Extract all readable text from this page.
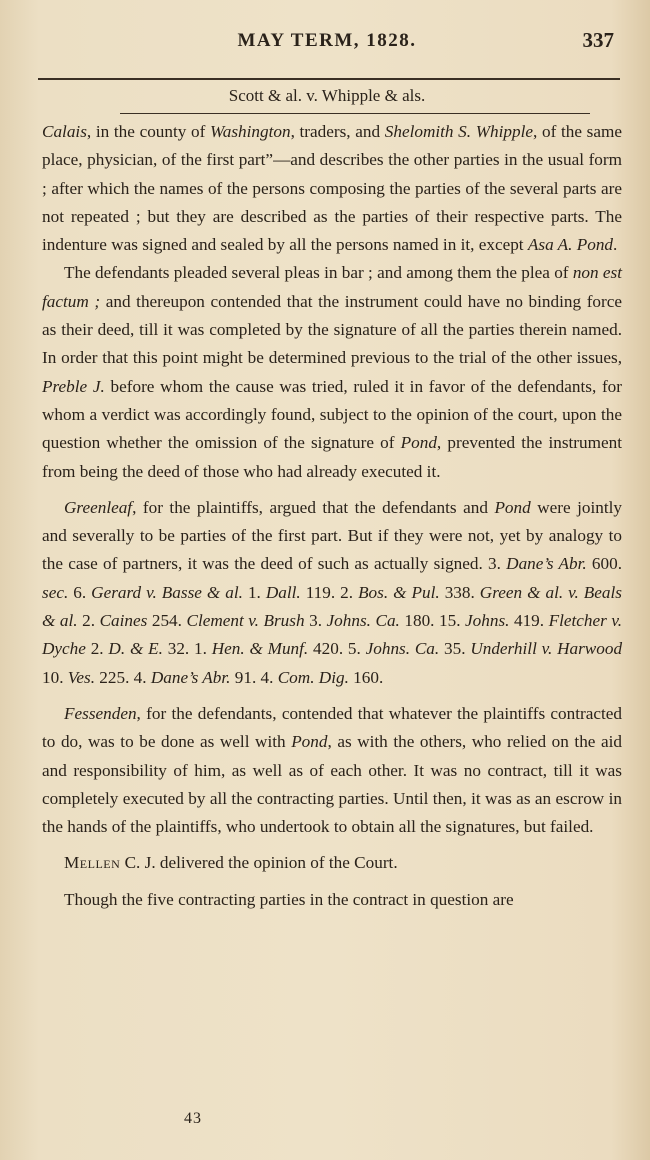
MAY TERM, 1828.	337
Scott & al. v. Whipple & als.

Calais, in the county of Washington, traders, and Shelomith S. Whipple, of the same place, physician, of the first part”—and describes the other parties in the usual form ; after which the names of the persons composing the parties of the several parts are not repeated ; but they are described as the parties of their respective parts. The indenture was signed and sealed by all the persons named in it, except Asa A. Pond.

The defendants pleaded several pleas in bar ; and among them the plea of non est factum ; and thereupon contended that the instrument could have no binding force as their deed, till it was completed by the signature of all the parties therein named. In order that this point might be determined previous to the trial of the other issues, Preble J. before whom the cause was tried, ruled it in favor of the defendants, for whom a verdict was accordingly found, subject to the opinion of the court, upon the question whether the omission of the signature of Pond, prevented the instrument from being the deed of those who had already executed it.

Greenleaf, for the plaintiffs, argued that the defendants and Pond were jointly and severally to be parties of the first part. But if they were not, yet by analogy to the case of partners, it was the deed of such as actually signed. 3. Dane’s Abr. 600. sec. 6. Gerard v. Basse & al. 1. Dall. 119. 2. Bos. & Pul. 338. Green & al. v. Beals & al. 2. Caines 254. Clement v. Brush 3. Johns. Ca. 180. 15. Johns. 419. Fletcher v. Dyche 2. D. & E. 32. 1. Hen. & Munf. 420. 5. Johns. Ca. 35. Underhill v. Harwood 10. Ves. 225. 4. Dane’s Abr. 91. 4. Com. Dig. 160.

Fessenden, for the defendants, contended that whatever the plaintiffs contracted to do, was to be done as well with Pond, as with the others, who relied on the aid and responsibility of him, as well as of each other. It was no contract, till it was completely executed by all the contracting parties. Until then, it was as an escrow in the hands of the plaintiffs, who undertook to obtain all the signatures, but failed.

Mellen C. J. delivered the opinion of the Court.

Though the five contracting parties in the contract in question are

43
